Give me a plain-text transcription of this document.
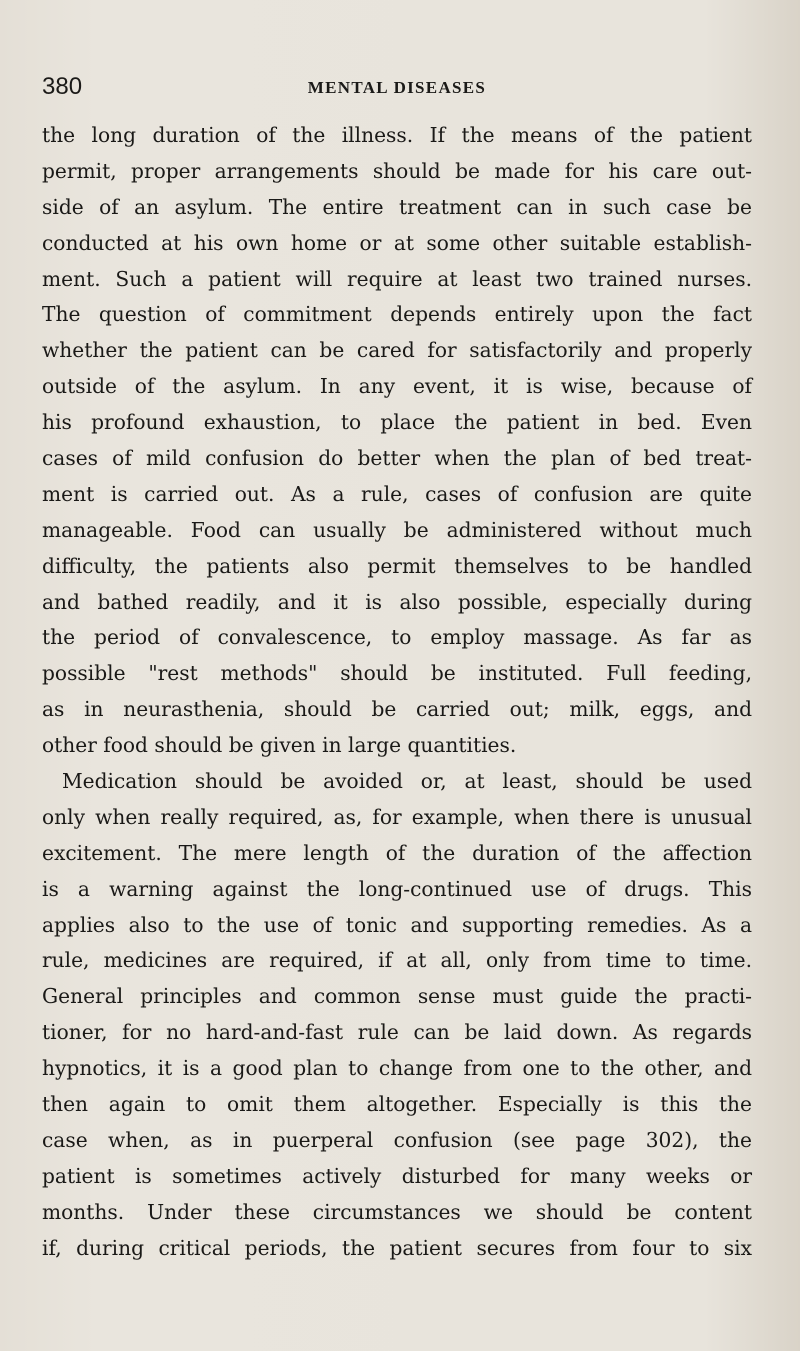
380	MENTAL DISEASES
the long duration of the illness. If the means of the patient
permit, proper arrangements should be made for his care out-
side of an asylum. The entire treatment can in such case be
conducted at his own home or at some other suitable establish-
ment. Such a patient will require at least two trained nurses.
The question of commitment depends entirely upon the fact
whether the patient can be cared for satisfactorily and properly
outside of the asylum. In any event, it is wise, because of
his profound exhaustion, to place the patient in bed. Even
cases of mild confusion do better when the plan of bed treat-
ment is carried out. As a rule, cases of confusion are quite
manageable. Food can usually be administered without much
difficulty, the patients also permit themselves to be handled
and bathed readily, and it is also possible, especially during
the period of convalescence, to employ massage. As far as
possible "rest methods" should be instituted. Full feeding,
as in neurasthenia, should be carried out; milk, eggs, and
other food should be given in large quantities.
Medication should be avoided or, at least, should be used
only when really required, as, for example, when there is unusual
excitement. The mere length of the duration of the affection
is a warning against the long-continued use of drugs. This
applies also to the use of tonic and supporting remedies. As a
rule, medicines are required, if at all, only from time to time.
General principles and common sense must guide the practi-
tioner, for no hard-and-fast rule can be laid down. As regards
hypnotics, it is a good plan to change from one to the other, and
then again to omit them altogether. Especially is this the
case when, as in puerperal confusion (see page 302), the
patient is sometimes actively disturbed for many weeks or
months. Under these circumstances we should be content
if, during critical periods, the patient secures from four to six
